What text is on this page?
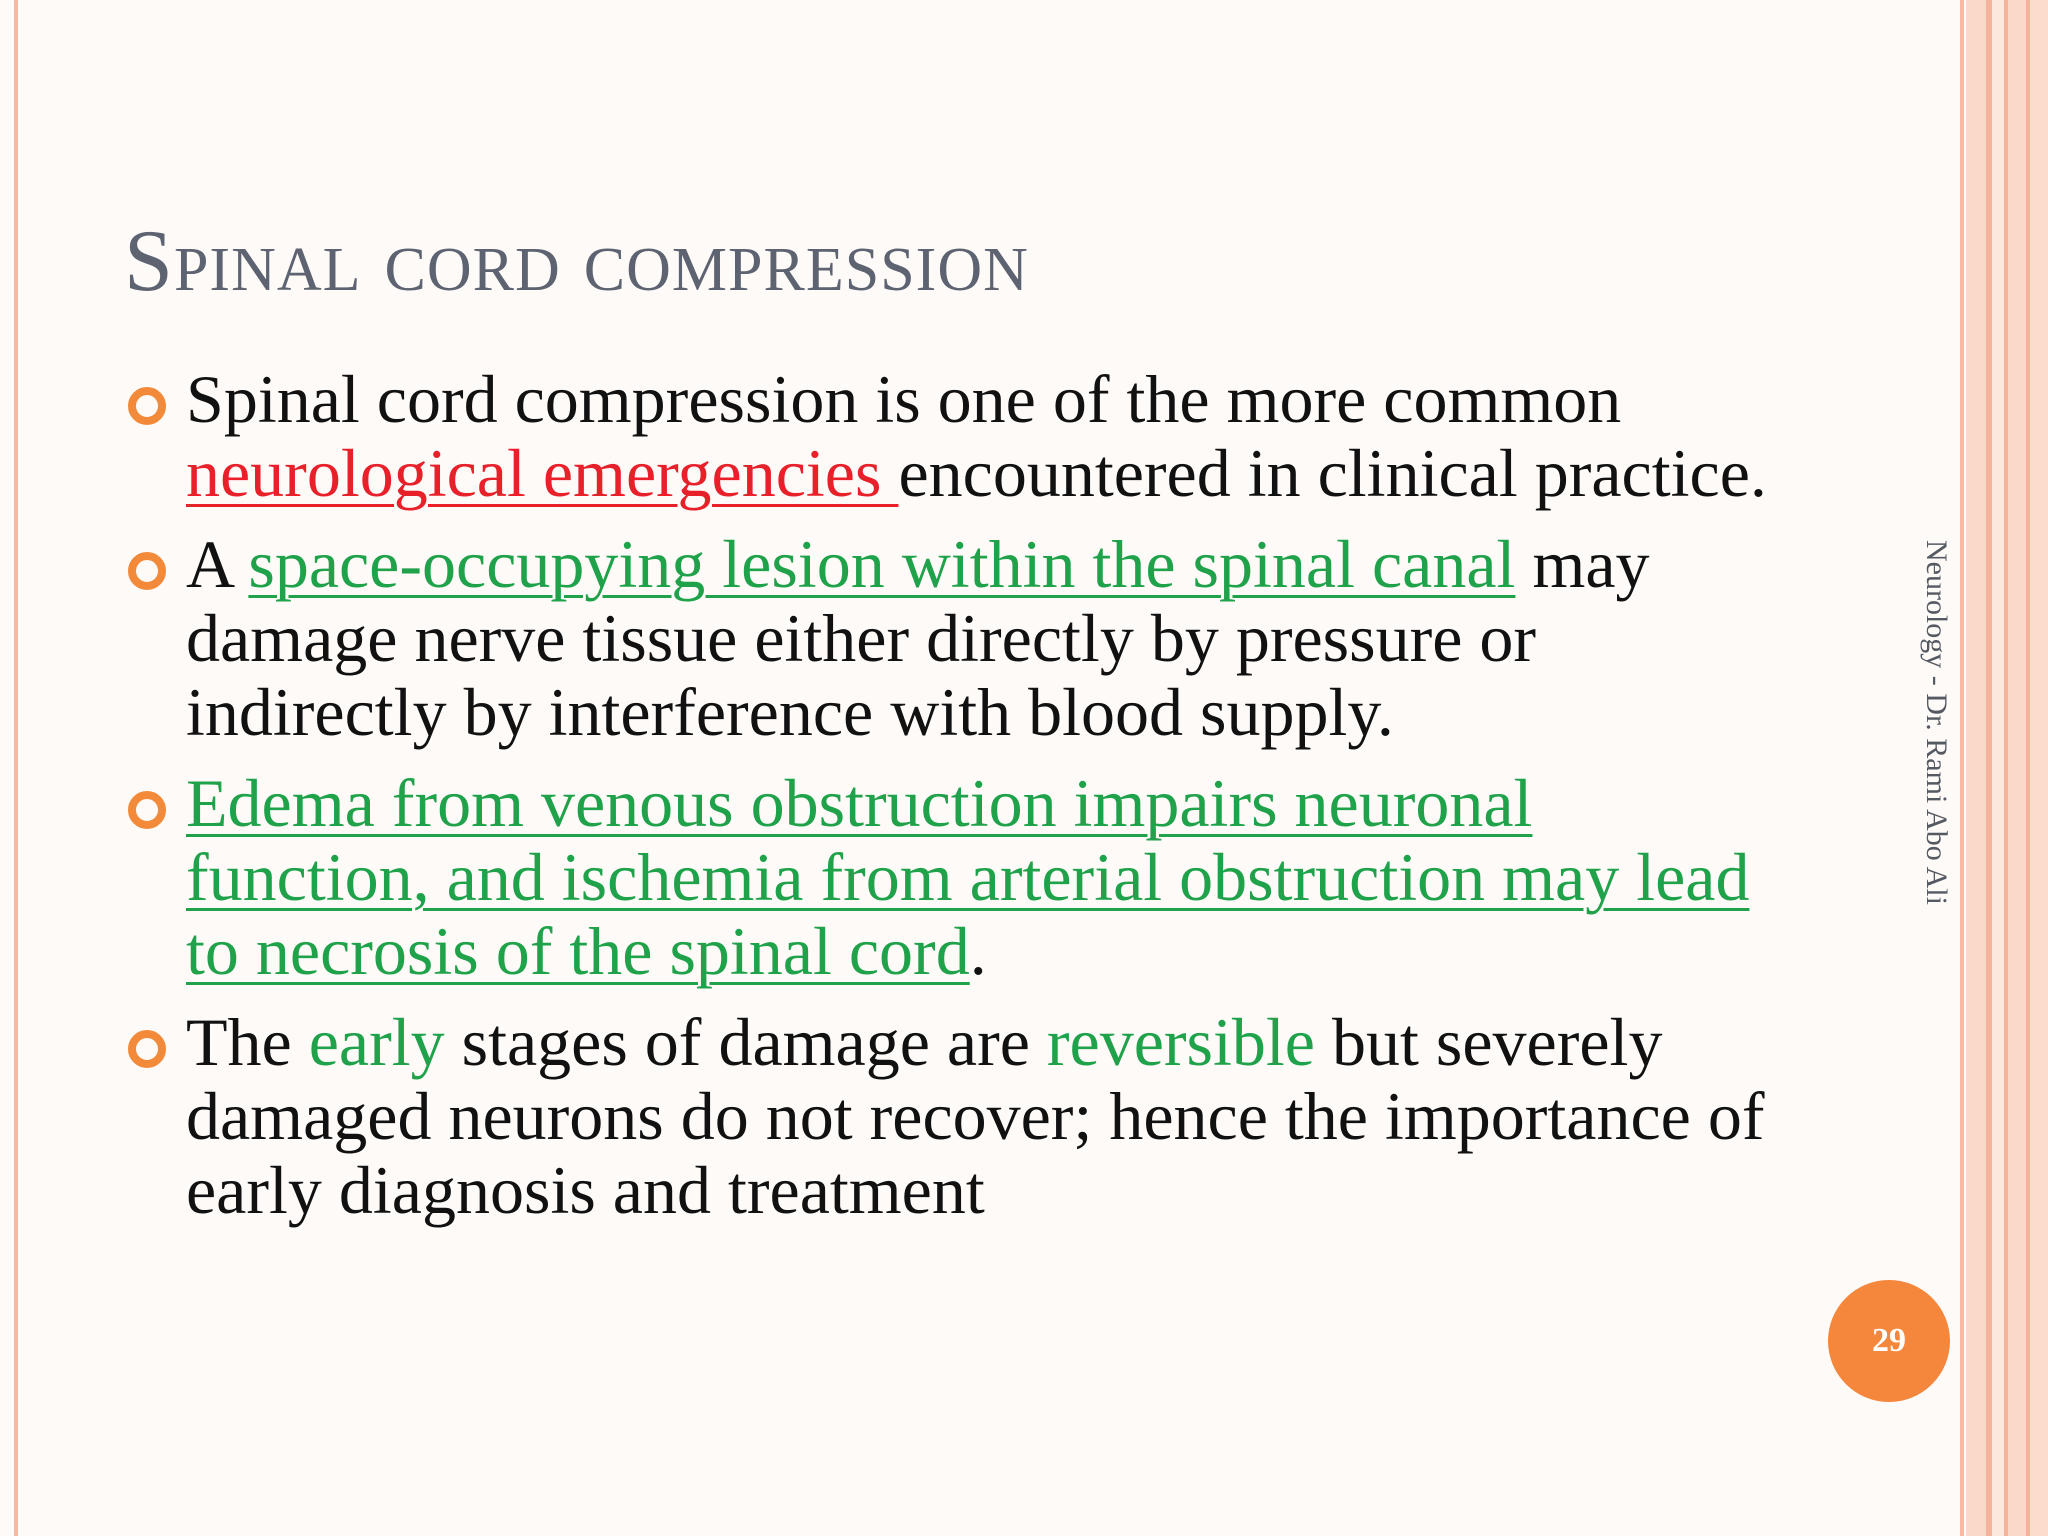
Spinal cord compression
Spinal cord compression is one of the more common neurological emergencies encountered in clinical practice.
A space-occupying lesion within the spinal canal may damage nerve tissue either directly by pressure or indirectly by interference with blood supply.
Edema from venous obstruction impairs neuronal function, and ischemia from arterial obstruction may lead to necrosis of the spinal cord.
The early stages of damage are reversible but severely damaged neurons do not recover; hence the importance of early diagnosis and treatment
Neurology - Dr. Rami Abo Ali
29
